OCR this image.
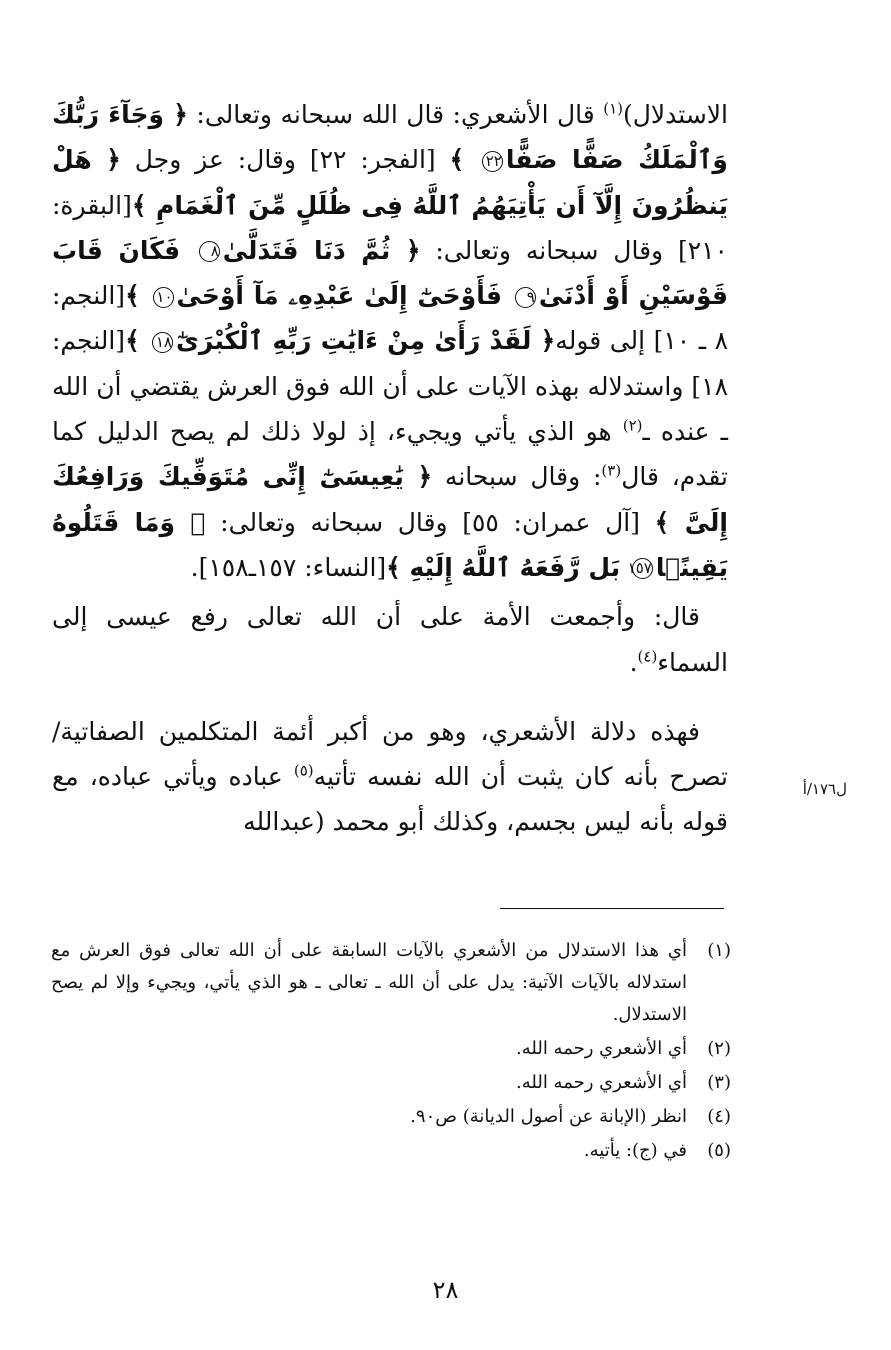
الاستدلال)$^{(١)}$ قال الأشعري: قال الله سبحانه وتعالى: ﴿ وَجَآءَ رَبُّكَ وَٱلْمَلَكُ صَفًّا صَفًّا٢٢ ﴾ [الفجر: ٢٢] وقال: عز وجل ﴿ هَلْ يَنظُرُونَ إِلَّآ أَن يَأْتِيَهُمُ ٱللَّهُ فِى ظُلَلٍ مِّنَ ٱلْغَمَامِ ﴾[البقرة: ٢١٠] وقال سبحانه وتعالى: ﴿ ثُمَّ دَنَا فَتَدَلَّىٰ٨ فَكَانَ قَابَ قَوْسَيْنِ أَوْ أَدْنَىٰ٩ فَأَوْحَىٰٓ إِلَىٰ عَبْدِهِۦ مَآ أَوْحَىٰ١٠ ﴾[النجم: ٨ ـ ١٠] إلى قوله﴿ لَقَدْ رَأَىٰ مِنْ ءَايَٰتِ رَبِّهِ ٱلْكُبْرَىٰٓ١٨ ﴾[النجم: ١٨] واستدلاله بهذه الآيات على أن الله فوق العرش يقتضي أن الله ـ عنده ـ$^{(٢)}$ هو الذي يأتي ويجيء، إذ لولا ذلك لم يصح الدليل كما تقدم، قال$^{(٣)}$: وقال سبحانه ﴿ يَٰعِيسَىٰٓ إِنِّى مُتَوَفِّيكَ وَرَافِعُكَ إِلَىَّ ﴾ [آل عمران: ٥٥] وقال سبحانه وتعالى: ﴿ وَمَا قَتَلُوهُ يَقِينًۢا١٥٧ بَل رَّفَعَهُ ٱللَّهُ إِلَيْهِ ﴾[النساء: ١٥٧ـ١٥٨].

قال: وأجمعت الأمة على أن الله تعالى رفع عيسى إلى السماء$^{(٤)}$.

فهذه دلالة الأشعري، وهو من أكبر أئمة المتكلمين الصفاتية/ تصرح بأنه كان يثبت أن الله نفسه تأتيه$^{(٥)}$ عباده ويأتي عباده، مع قوله بأنه ليس بجسم، وكذلك أبو محمد (عبدالله

ل١٧٦/أ
(١)
أي هذا الاستدلال من الأشعري بالآيات السابقة على أن الله تعالى فوق العرش مع استدلاله بالآيات الآتية: يدل على أن الله ـ تعالى ـ هو الذي يأتي، ويجيء وإلا لم يصح الاستدلال.
(٢)
أي الأشعري رحمه الله.
(٣)
أي الأشعري رحمه الله.
(٤)
انظر (الإبانة عن أصول الديانة) ص٩٠.
(٥)
في (ج): يأتيه.
٢٨
